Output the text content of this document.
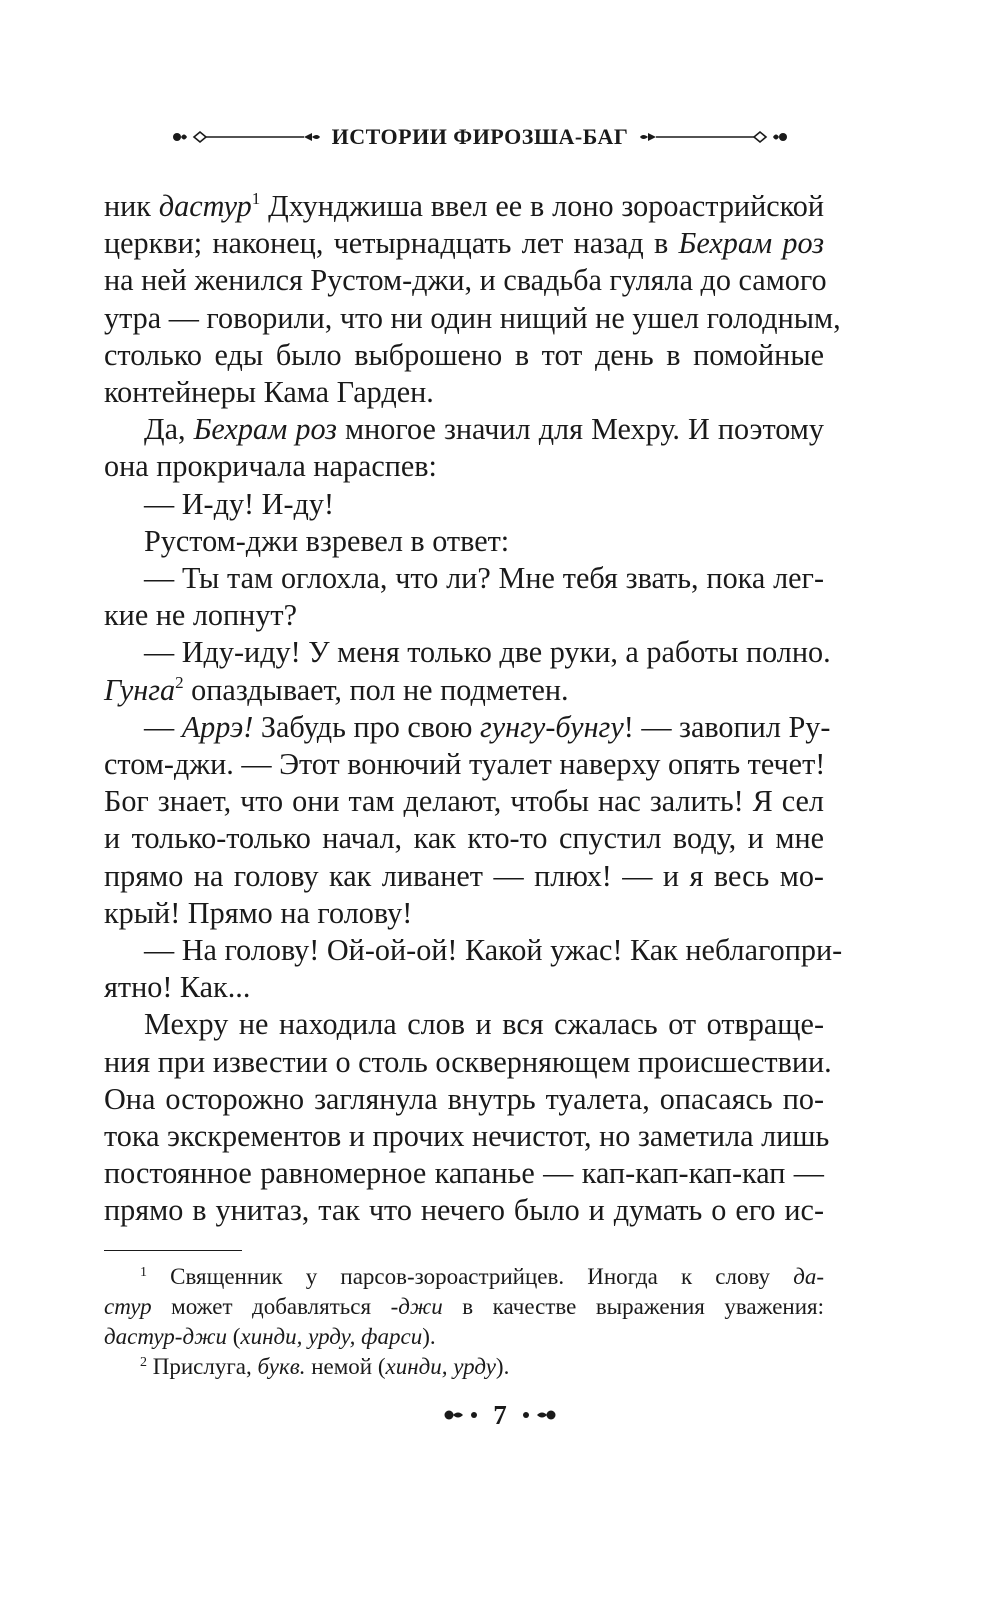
ИСТОРИИ ФИРОЗША-БАГ
ник дастур$^1$ Дхунджиша ввел ее в лоно зороастрийской
церкви; наконец, четырнадцать лет назад в Бехрам роз
на ней женился Рустом-джи, и свадьба гуляла до самого
утра — говорили, что ни один нищий не ушел голодным,
столько еды было выброшено в тот день в помойные
контейнеры Кама Гарден.
Да, Бехрам роз многое значил для Мехру. И поэтому
она прокричала нараспев:
— И-ду! И-ду!
Рустом-джи взревел в ответ:
— Ты там оглохла, что ли? Мне тебя звать, пока лег-
кие не лопнут?
— Иду-иду! У меня только две руки, а работы полно.
Гунга$^2$ опаздывает, пол не подметен.
— Аррэ! Забудь про свою гунгу-бунгу! — завопил Ру-
стом-джи. — Этот вонючий туалет наверху опять течет!
Бог знает, что они там делают, чтобы нас залить! Я сел
и только-только начал, как кто-то спустил воду, и мне
прямо на голову как ливанет — плюх! — и я весь мо-
крый! Прямо на голову!
— На голову! Ой-ой-ой! Какой ужас! Как неблагопри-
ятно! Как...
Мехру не находила слов и вся сжалась от отвраще-
ния при известии о столь оскверняющем происшествии.
Она осторожно заглянула внутрь туалета, опасаясь по-
тока экскрементов и прочих нечистот, но заметила лишь
постоянное равномерное капанье — кап-кап-кап-кап —
прямо в унитаз, так что нечего было и думать о его ис-
$^1$ Священник у парсов-зороастрийцев. Иногда к слову да-
стур может добавляться -джи в качестве выражения уважения:
дастур-джи (хинди, урду, фарси).
$^2$ Прислуга, букв. немой (хинди, урду).
7
